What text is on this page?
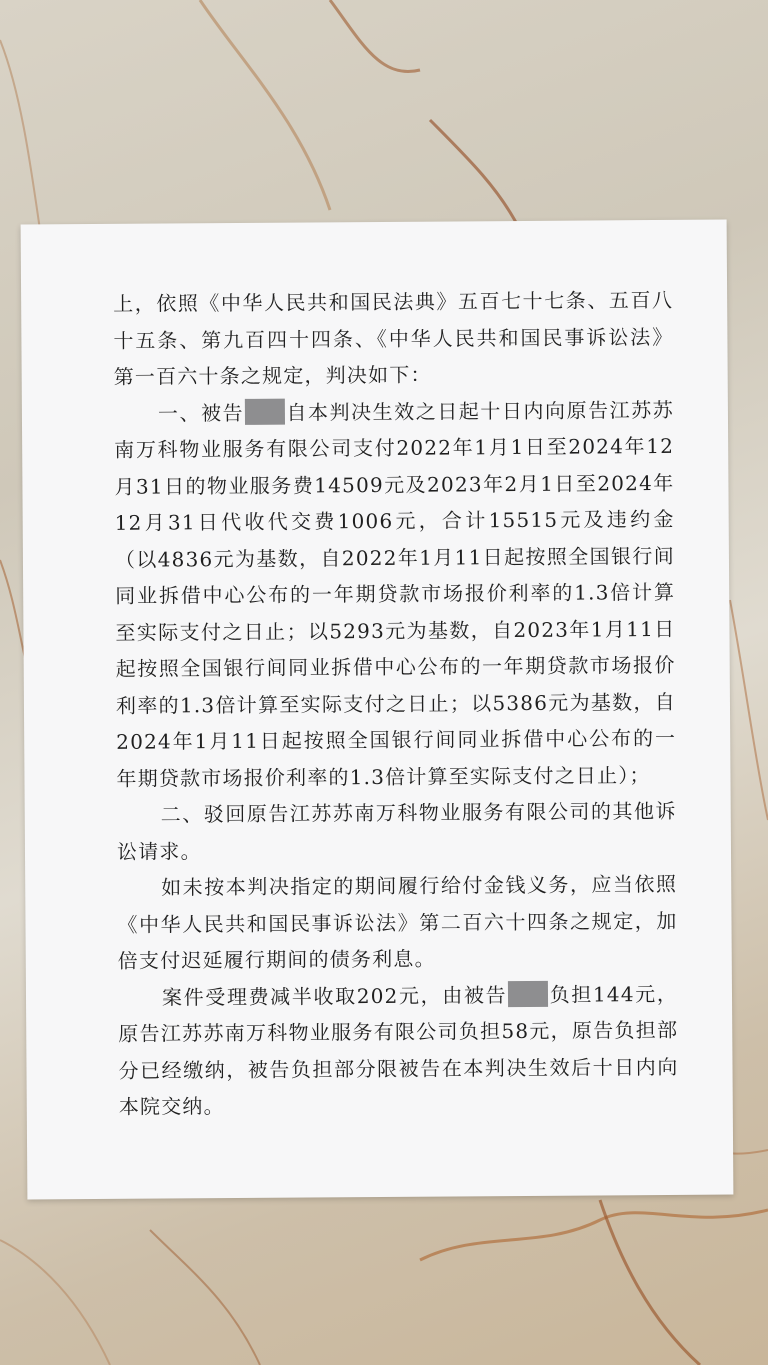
上，依照《中华人民共和国民法典》五百七十七条、五百八十五条、第九百四十四条、《中华人民共和国民事诉讼法》第一百六十条之规定，判决如下：

一、被告 自本判决生效之日起十日内向原告江苏苏南万科物业服务有限公司支付2022年1月1日至2024年12月31日的物业服务费14509元及2023年2月1日至2024年12月31日代收代交费1006元，合计15515元及违约金（以4836元为基数，自2022年1月11日起按照全国银行间同业拆借中心公布的一年期贷款市场报价利率的1.3倍计算至实际支付之日止；以5293元为基数，自2023年1月11日起按照全国银行间同业拆借中心公布的一年期贷款市场报价利率的1.3倍计算至实际支付之日止；以5386元为基数，自2024年1月11日起按照全国银行间同业拆借中心公布的一年期贷款市场报价利率的1.3倍计算至实际支付之日止）；

二、驳回原告江苏苏南万科物业服务有限公司的其他诉讼请求。

如未按本判决指定的期间履行给付金钱义务，应当依照《中华人民共和国民事诉讼法》第二百六十四条之规定，加倍支付迟延履行期间的债务利息。

案件受理费减半收取202元，由被告 负担144元，原告江苏苏南万科物业服务有限公司负担58元，原告负担部分已经缴纳，被告负担部分限被告在本判决生效后十日内向本院交纳。
